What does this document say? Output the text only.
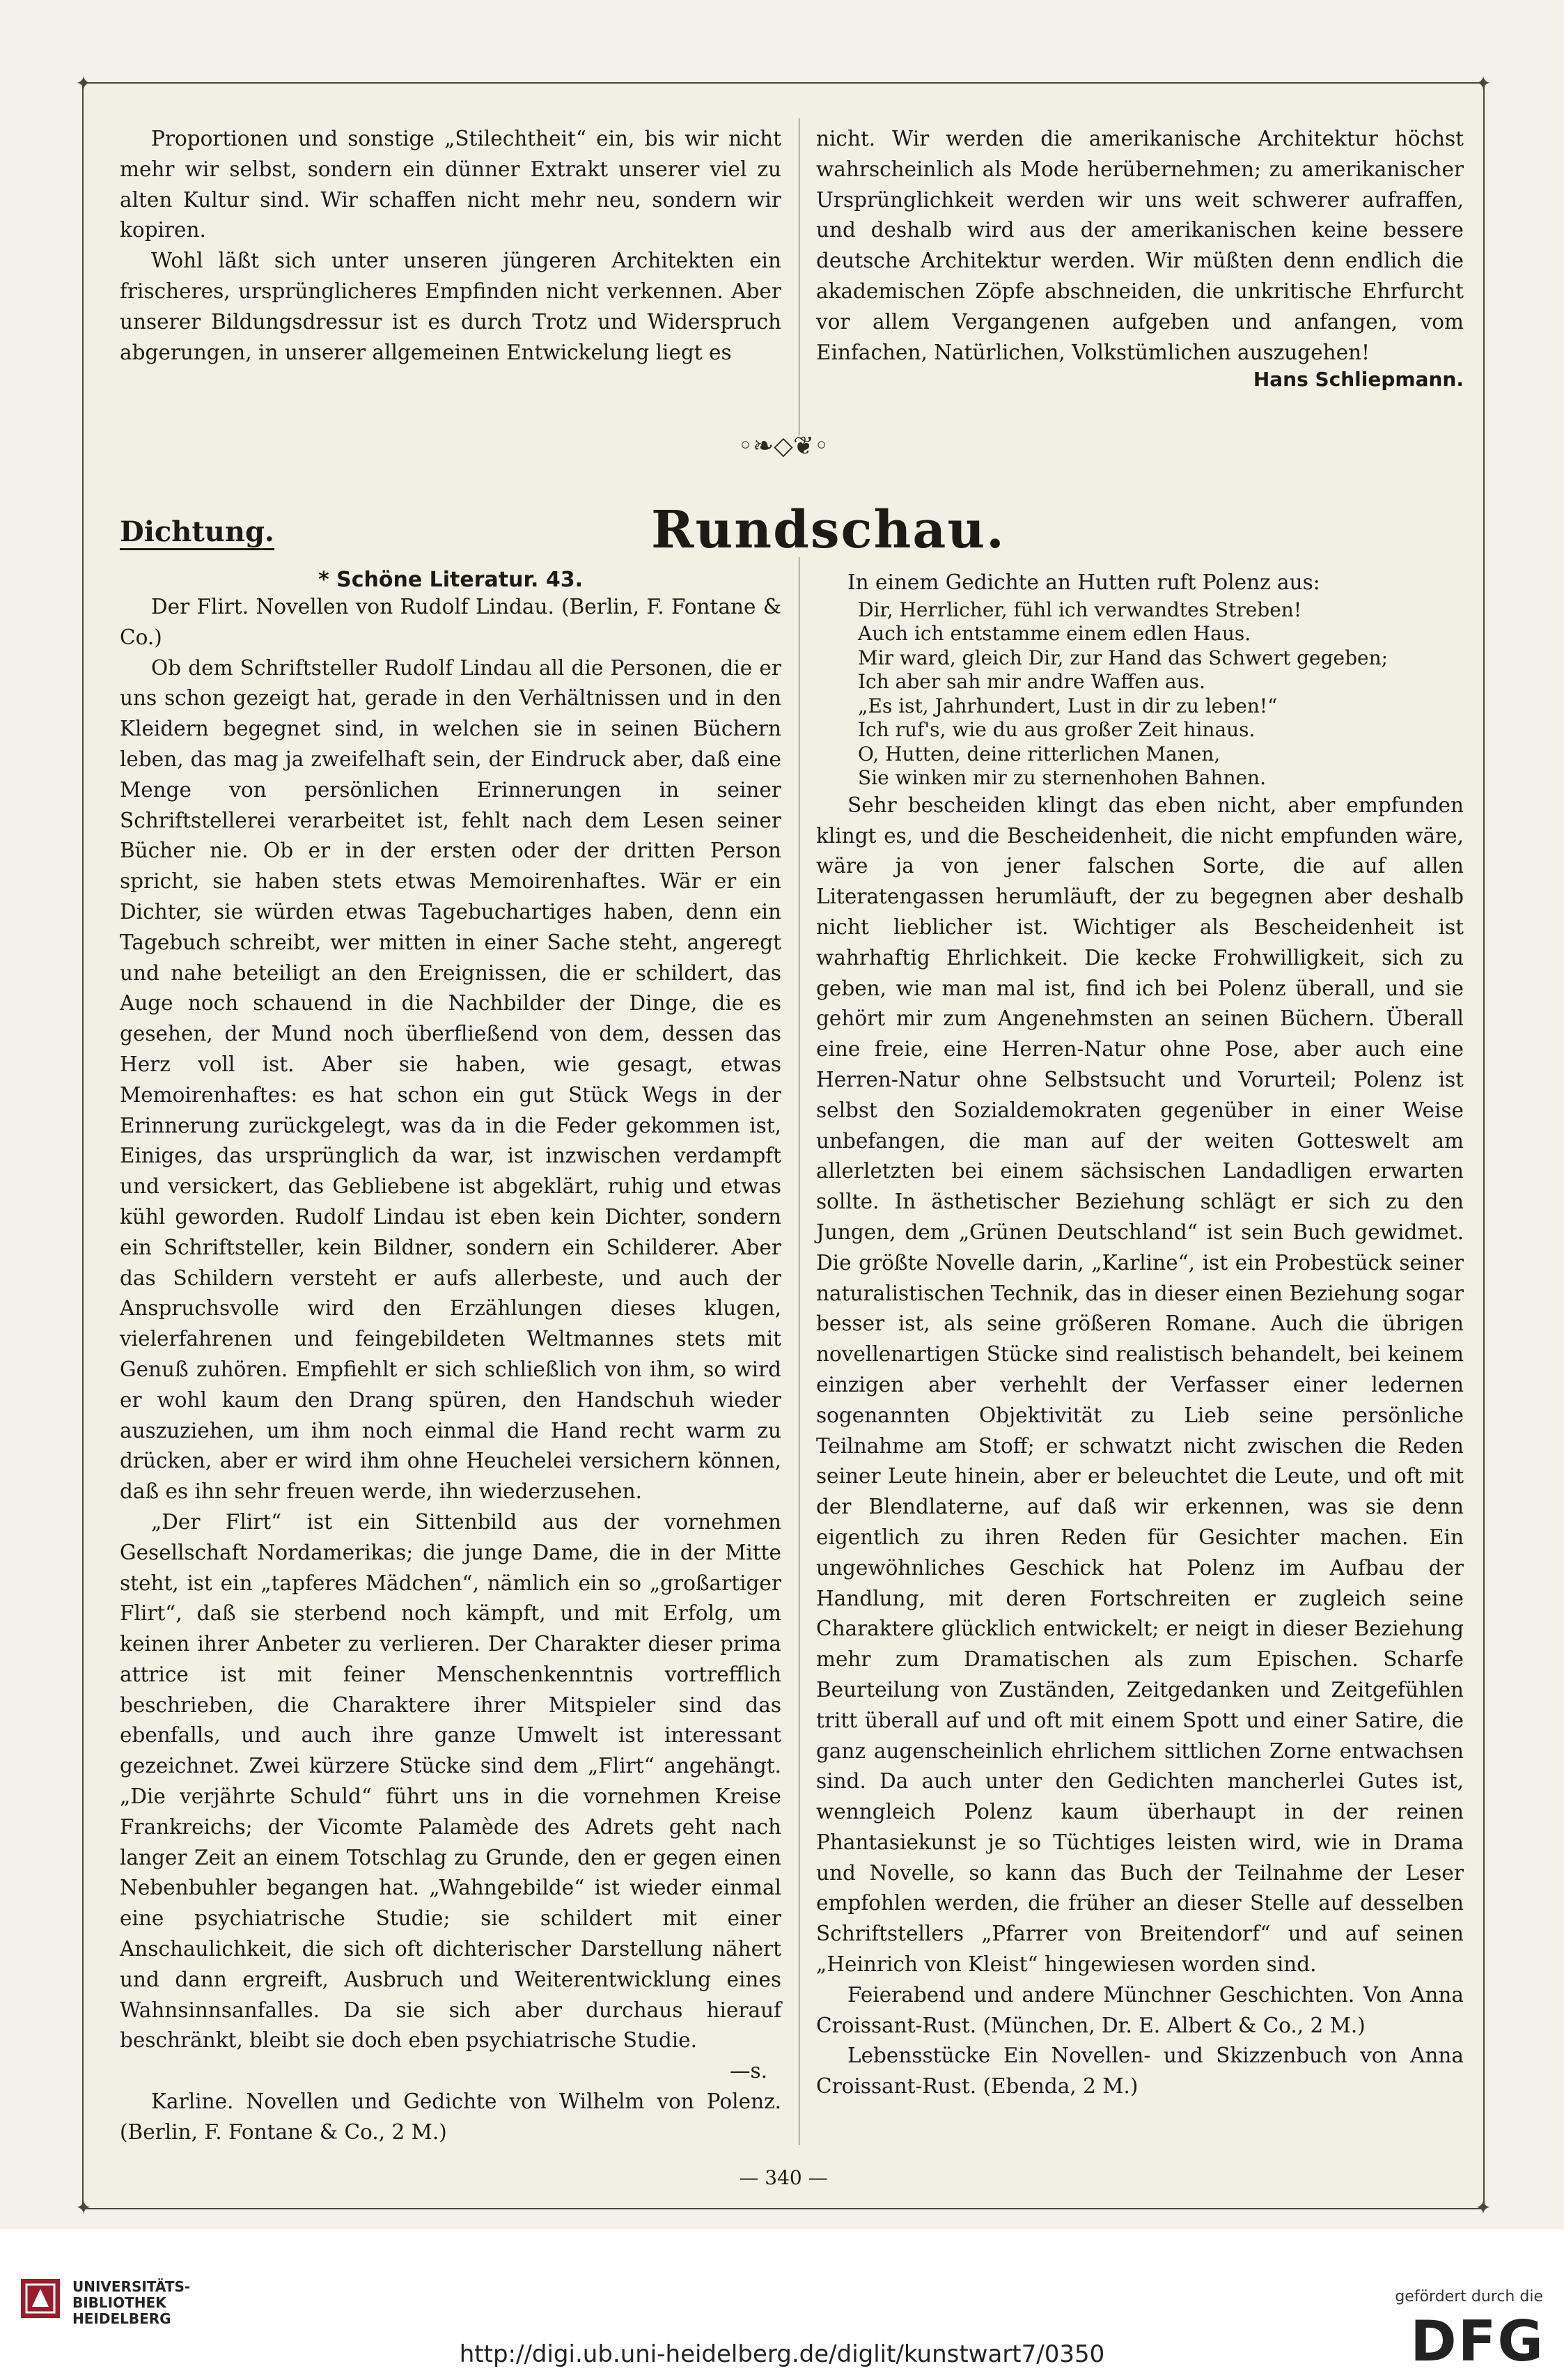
✦	✦
✦	✦

Proportionen und sonstige „Stilechtheit“ ein, bis wir nicht mehr wir selbst, sondern ein dünner Extrakt unserer viel zu alten Kultur sind. Wir schaffen nicht mehr neu, sondern wir kopiren.

Wohl läßt sich unter unseren jüngeren Architekten ein frischeres, ursprünglicheres Empfinden nicht verkennen. Aber unserer Bildungsdressur ist es durch Trotz und Widerspruch abgerungen, in unserer allgemeinen Entwickelung liegt es

nicht. Wir werden die amerikanische Architektur höchst wahrscheinlich als Mode herübernehmen; zu amerikanischer Ursprünglichkeit werden wir uns weit schwerer aufraffen, und deshalb wird aus der amerikanischen keine bessere deutsche Architektur werden. Wir müßten denn endlich die akademischen Zöpfe abschneiden, die unkritische Ehrfurcht vor allem Vergangenen aufgeben und anfangen, vom Einfachen, Natürlichen, Volkstümlichen auszugehen!

Hans Schliepmann.
◦❧◇❦◦
Dichtung.	Rundschau.
* Schöne Literatur. 43.

Der Flirt. Novellen von Rudolf Lindau. (Berlin, F. Fontane & Co.)

Ob dem Schriftsteller Rudolf Lindau all die Personen, die er uns schon gezeigt hat, gerade in den Verhältnissen und in den Kleidern begegnet sind, in welchen sie in seinen Büchern leben, das mag ja zweifelhaft sein, der Eindruck aber, daß eine Menge von persönlichen Erinnerungen in seiner Schriftstellerei verarbeitet ist, fehlt nach dem Lesen seiner Bücher nie. Ob er in der ersten oder der dritten Person spricht, sie haben stets etwas Memoirenhaftes. Wär er ein Dichter, sie würden etwas Tagebuchartiges haben, denn ein Tagebuch schreibt, wer mitten in einer Sache steht, angeregt und nahe beteiligt an den Ereignissen, die er schildert, das Auge noch schauend in die Nachbilder der Dinge, die es gesehen, der Mund noch überfließend von dem, dessen das Herz voll ist. Aber sie haben, wie gesagt, etwas Memoirenhaftes: es hat schon ein gut Stück Wegs in der Erinnerung zurückgelegt, was da in die Feder gekommen ist, Einiges, das ursprünglich da war, ist inzwischen verdampft und versickert, das Gebliebene ist abgeklärt, ruhig und etwas kühl geworden. Rudolf Lindau ist eben kein Dichter, sondern ein Schriftsteller, kein Bildner, sondern ein Schilderer. Aber das Schildern versteht er aufs allerbeste, und auch der Anspruchsvolle wird den Erzählungen dieses klugen, vielerfahrenen und feingebildeten Weltmannes stets mit Genuß zuhören. Empfiehlt er sich schließlich von ihm, so wird er wohl kaum den Drang spüren, den Handschuh wieder auszuziehen, um ihm noch einmal die Hand recht warm zu drücken, aber er wird ihm ohne Heuchelei versichern können, daß es ihn sehr freuen werde, ihn wiederzusehen.

„Der Flirt“ ist ein Sittenbild aus der vornehmen Gesellschaft Nordamerikas; die junge Dame, die in der Mitte steht, ist ein „tapferes Mädchen“, nämlich ein so „großartiger Flirt“, daß sie sterbend noch kämpft, und mit Erfolg, um keinen ihrer Anbeter zu verlieren. Der Charakter dieser prima attrice ist mit feiner Menschenkenntnis vortrefflich beschrieben, die Charaktere ihrer Mitspieler sind das ebenfalls, und auch ihre ganze Umwelt ist interessant gezeichnet. Zwei kürzere Stücke sind dem „Flirt“ angehängt. „Die verjährte Schuld“ führt uns in die vornehmen Kreise Frankreichs; der Vicomte Palamède des Adrets geht nach langer Zeit an einem Totschlag zu Grunde, den er gegen einen Nebenbuhler begangen hat. „Wahngebilde“ ist wieder einmal eine psychiatrische Studie; sie schildert mit einer Anschaulichkeit, die sich oft dichterischer Darstellung nähert und dann ergreift, Ausbruch und Weiterentwicklung eines Wahnsinnsanfalles. Da sie sich aber durchaus hierauf beschränkt, bleibt sie doch eben psychiatrische Studie.

—s.

Karline. Novellen und Gedichte von Wilhelm von Polenz. (Berlin, F. Fontane & Co., 2 M.)

In einem Gedichte an Hutten ruft Polenz aus:

Dir, Herrlicher, fühl ich verwandtes Streben!
Auch ich entstamme einem edlen Haus.
Mir ward, gleich Dir, zur Hand das Schwert gegeben;
Ich aber sah mir andre Waffen aus.
„Es ist, Jahrhundert, Lust in dir zu leben!“
Ich ruf's, wie du aus großer Zeit hinaus.
O, Hutten, deine ritterlichen Manen,
Sie winken mir zu sternenhohen Bahnen.

Sehr bescheiden klingt das eben nicht, aber empfunden klingt es, und die Bescheidenheit, die nicht empfunden wäre, wäre ja von jener falschen Sorte, die auf allen Literatengassen herumläuft, der zu begegnen aber deshalb nicht lieblicher ist. Wichtiger als Bescheidenheit ist wahrhaftig Ehrlichkeit. Die kecke Frohwilligkeit, sich zu geben, wie man mal ist, find ich bei Polenz überall, und sie gehört mir zum Angenehmsten an seinen Büchern. Überall eine freie, eine Herren-Natur ohne Pose, aber auch eine Herren-Natur ohne Selbstsucht und Vorurteil; Polenz ist selbst den Sozialdemokraten gegenüber in einer Weise unbefangen, die man auf der weiten Gotteswelt am allerletzten bei einem sächsischen Landadligen erwarten sollte. In ästhetischer Beziehung schlägt er sich zu den Jungen, dem „Grünen Deutschland“ ist sein Buch gewidmet. Die größte Novelle darin, „Karline“, ist ein Probestück seiner naturalistischen Technik, das in dieser einen Beziehung sogar besser ist, als seine größeren Romane. Auch die übrigen novellenartigen Stücke sind realistisch behandelt, bei keinem einzigen aber verhehlt der Verfasser einer ledernen sogenannten Objektivität zu Lieb seine persönliche Teilnahme am Stoff; er schwatzt nicht zwischen die Reden seiner Leute hinein, aber er beleuchtet die Leute, und oft mit der Blendlaterne, auf daß wir erkennen, was sie denn eigentlich zu ihren Reden für Gesichter machen. Ein ungewöhnliches Geschick hat Polenz im Aufbau der Handlung, mit deren Fortschreiten er zugleich seine Charaktere glücklich entwickelt; er neigt in dieser Beziehung mehr zum Dramatischen als zum Epischen. Scharfe Beurteilung von Zuständen, Zeitgedanken und Zeitgefühlen tritt überall auf und oft mit einem Spott und einer Satire, die ganz augenscheinlich ehrlichem sittlichen Zorne entwachsen sind. Da auch unter den Gedichten mancherlei Gutes ist, wenngleich Polenz kaum überhaupt in der reinen Phantasiekunst je so Tüchtiges leisten wird, wie in Drama und Novelle, so kann das Buch der Teilnahme der Leser empfohlen werden, die früher an dieser Stelle auf desselben Schriftstellers „Pfarrer von Breitendorf“ und auf seinen „Heinrich von Kleist“ hingewiesen worden sind.

Feierabend und andere Münchner Geschichten. Von Anna Croissant-Rust. (München, Dr. E. Albert & Co., 2 M.)

Lebensstücke Ein Novellen- und Skizzenbuch von Anna Croissant-Rust. (Ebenda, 2 M.)

— 340 —
UNIVERSITÄTS-
BIBLIOTHEK
HEIDELBERG
http://digi.ub.uni-heidelberg.de/diglit/kunstwart7/0350
gefördert durch die
DFG
